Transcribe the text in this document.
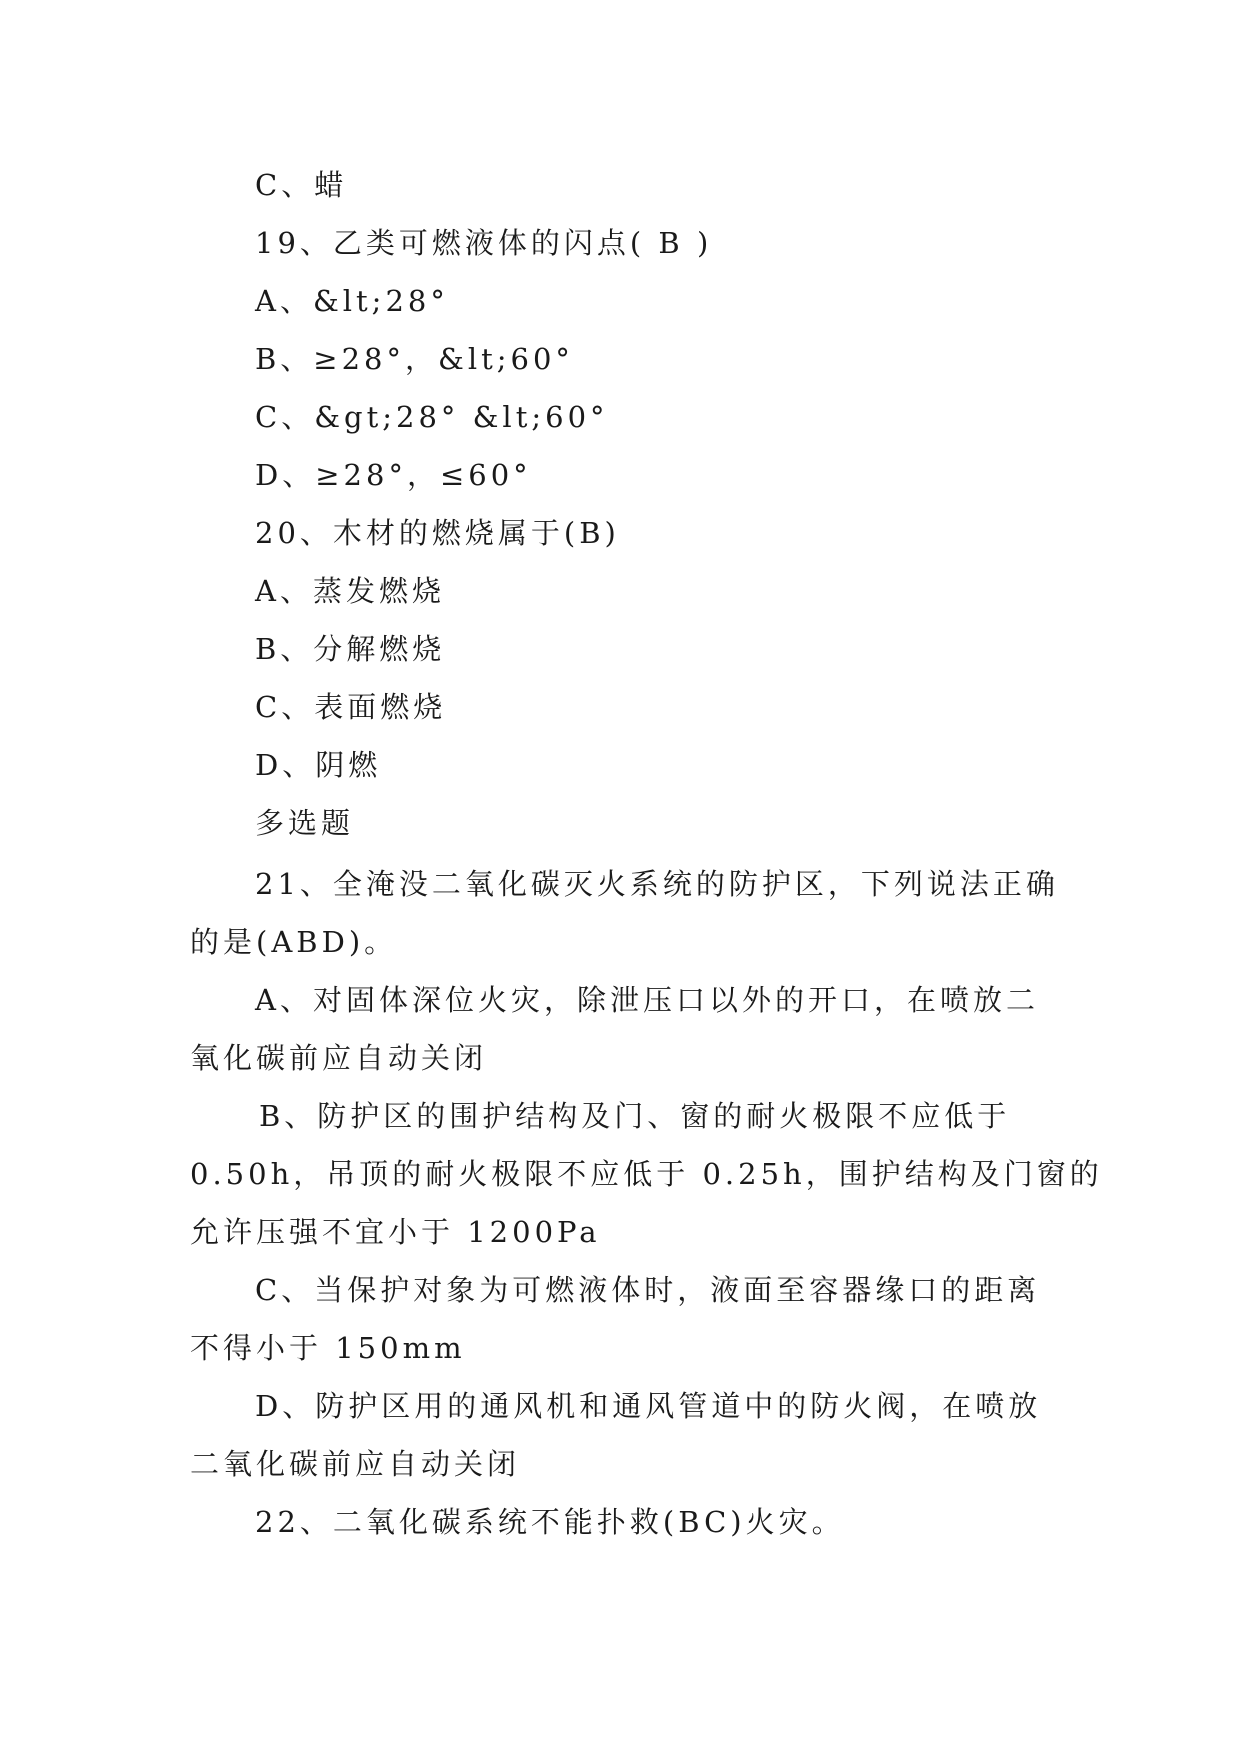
C、蜡
19、乙类可燃液体的闪点( B )
A、&lt;28°
B、≥28°，&lt;60°
C、&gt;28° &lt;60°
D、≥28°，≤60°
20、木材的燃烧属于(B)
A、蒸发燃烧
B、分解燃烧
C、表面燃烧
D、阴燃
多选题
21、全淹没二氧化碳灭火系统的防护区，下列说法正确
的是(ABD)。
A、对固体深位火灾，除泄压口以外的开口，在喷放二
氧化碳前应自动关闭
B、防护区的围护结构及门、窗的耐火极限不应低于
0.50h，吊顶的耐火极限不应低于 0.25h，围护结构及门窗的
允许压强不宜小于 1200Pa
C、当保护对象为可燃液体时，液面至容器缘口的距离
不得小于 150mm
D、防护区用的通风机和通风管道中的防火阀，在喷放
二氧化碳前应自动关闭
22、二氧化碳系统不能扑救(BC)火灾。
